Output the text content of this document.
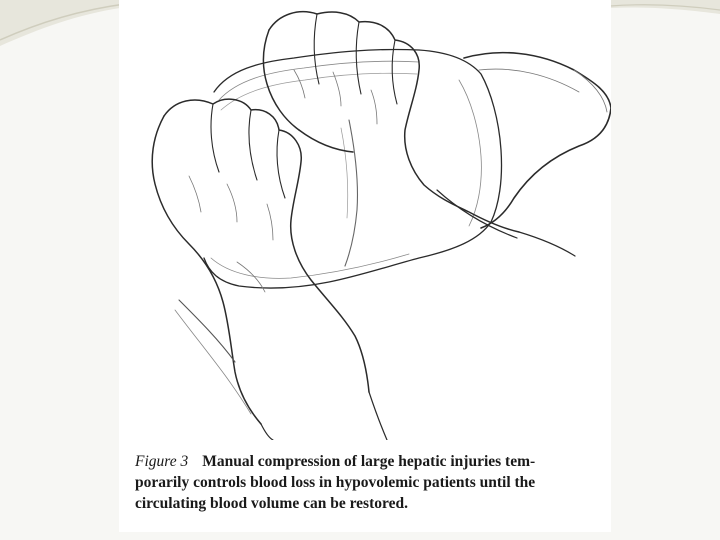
Figure 3 Manual compression of large hepatic injuries tem-
porarily controls blood loss in hypovolemic patients until the
circulating blood volume can be restored.
